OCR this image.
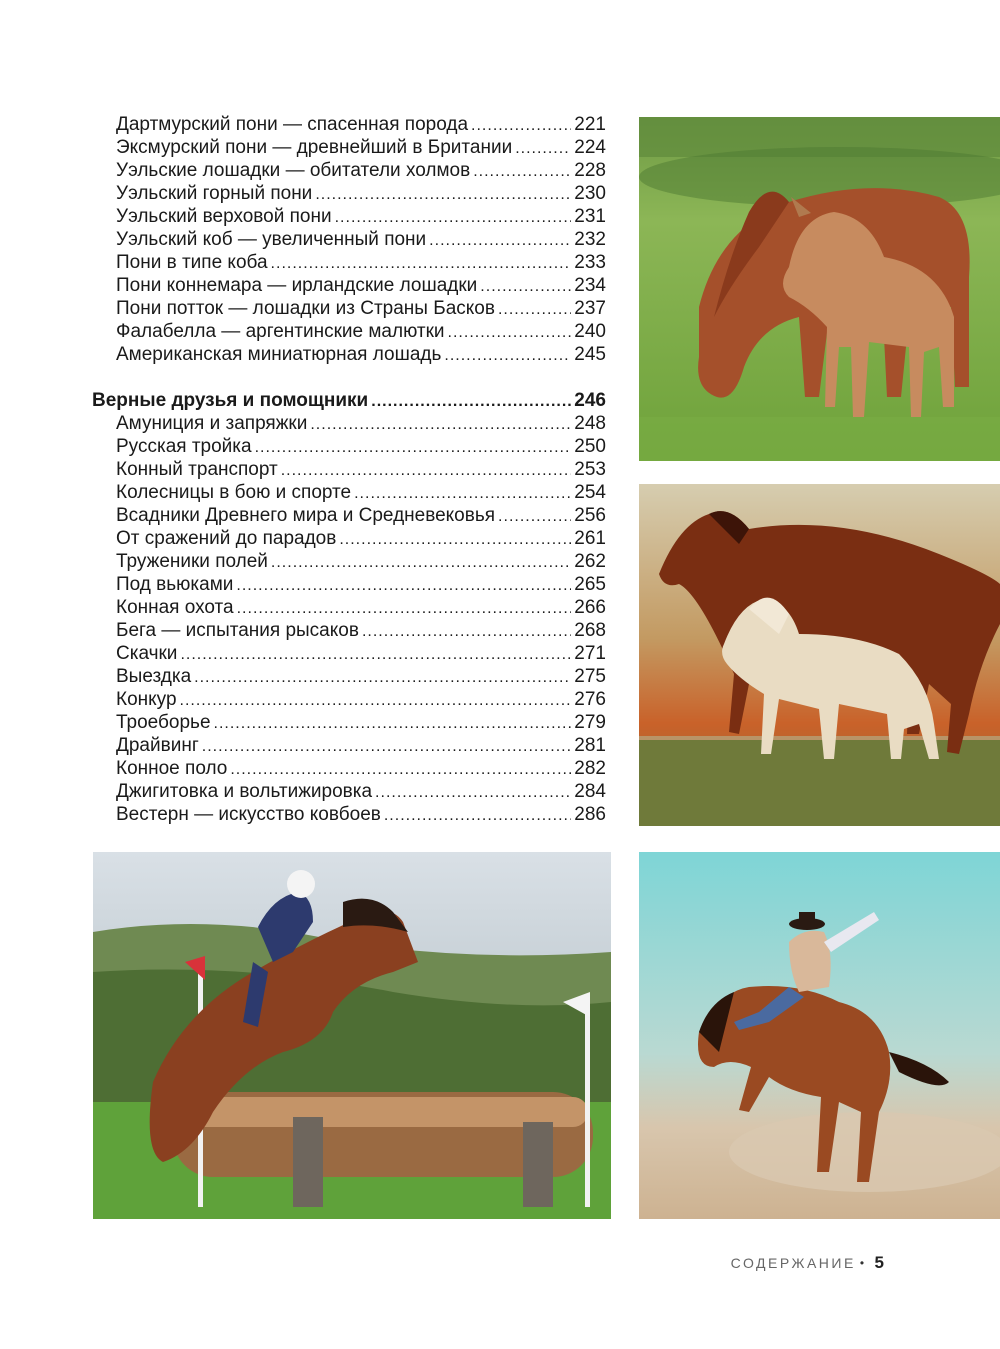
Дартмурский пони — спасенная порода .....	221
Эксмурский пони — древнейший в Британии .....	224
Уэльские лошадки — обитатели холмов .....	228
Уэльский горный пони .....	230
Уэльский верховой пони .....	231
Уэльский коб — увеличенный пони .....	232
Пони в типе коба .....	233
Пони коннемара — ирландские лошадки .....	234
Пони потток — лошадки из Страны Басков .....	237
Фалабелла — аргентинские малютки .....	240
Американская миниатюрная лошадь .....	245
Верные друзья и помощники .....	246
Амуниция и запряжки .....	248
Русская тройка .....	250
Конный транспорт .....	253
Колесницы в бою и спорте .....	254
Всадники Древнего мира и Средневековья .....	256
От сражений до парадов .....	261
Труженики полей .....	262
Под вьюками .....	265
Конная охота .....	266
Бега — испытания рысаков .....	268
Скачки .....	271
Выездка .....	275
Конкур .....	276
Троеборье .....	279
Драйвинг .....	281
Конное поло .....	282
Джигитовка и вольтижировка .....	284
Вестерн — искусство ковбоев .....	286
СОДЕРЖАНИЕ • 5
